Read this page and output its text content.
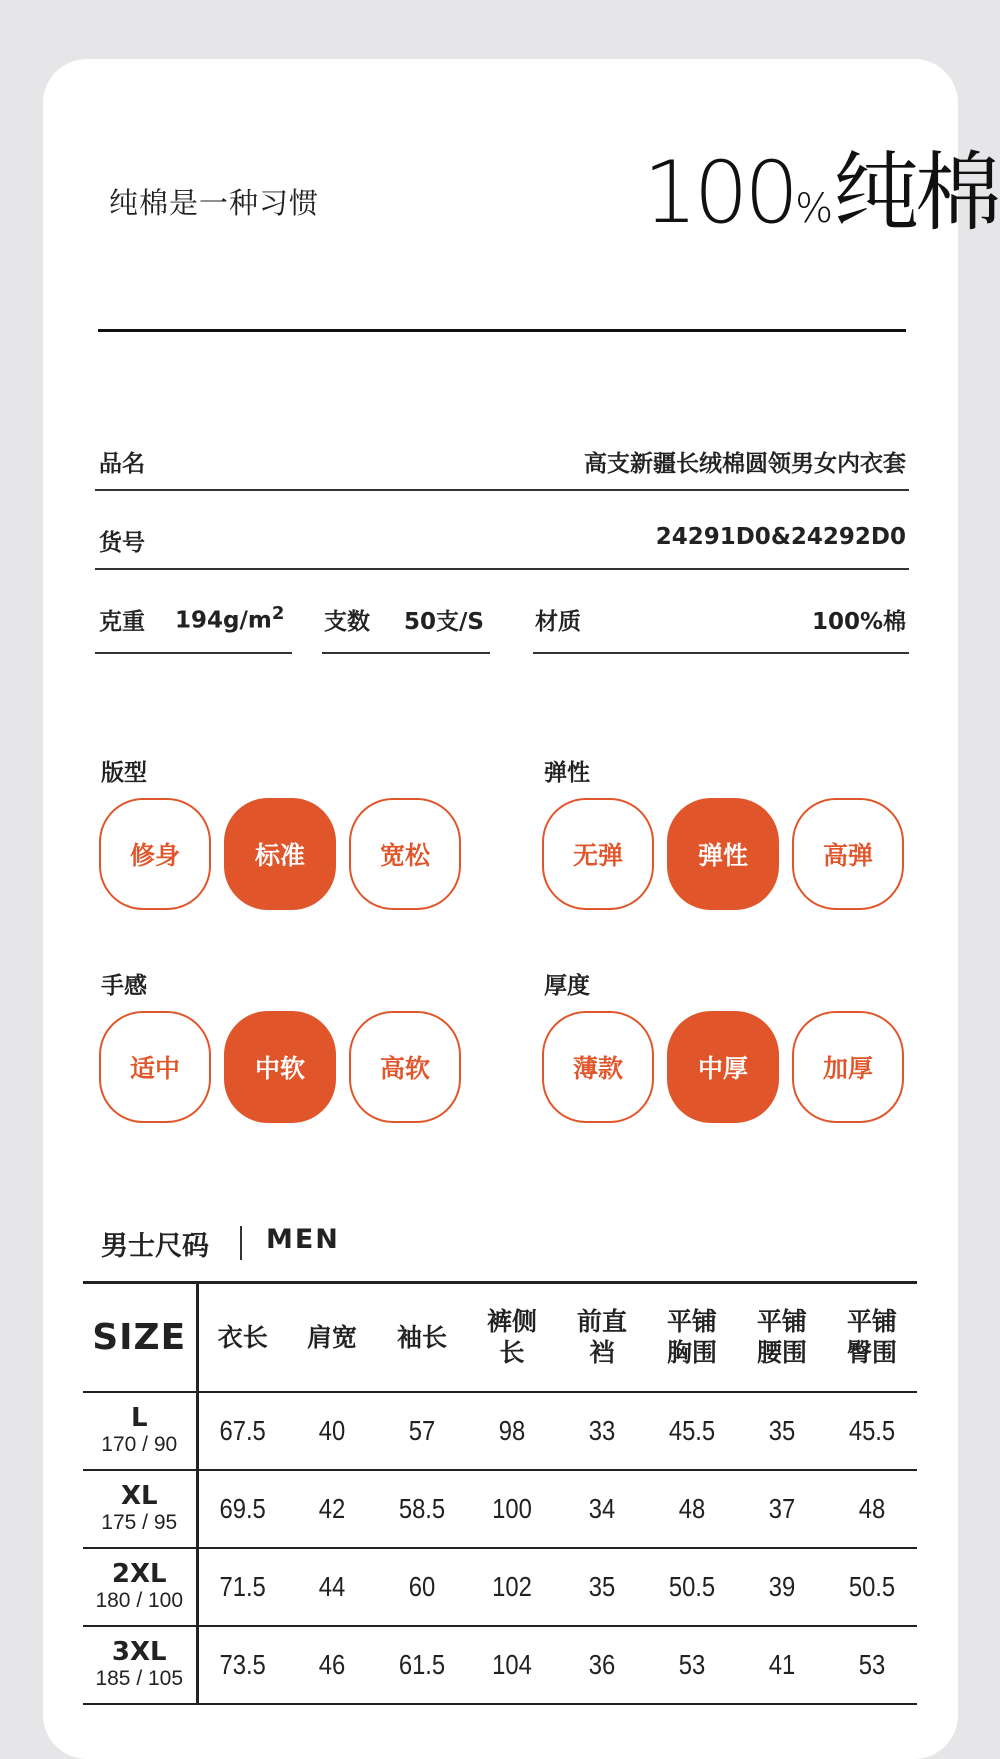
纯棉是一种习惯	100%纯棉
品名	高支新疆长绒棉圆领男女内衣套
货号	24291D0&24292D0
克重 $194g/m^2$ 支数 50支/S 材质	100%棉
版型
修身	标准	宽松
弹性
无弹	弹性	高弹
手感
适中	中软	高软
厚度
薄款	中厚	加厚
男士尺码 MEN
SIZE	衣长	肩宽	袖长	裤侧长	前直裆	平铺胸围	平铺腰围	平铺臀围

L
170 / 90	67.5	40	57	98	33	45.5	35	45.5

XL
175 / 95	69.5	42	58.5	100	34	48	37	48

2XL
180 / 100	71.5	44	60	102	35	50.5	39	50.5

3XL
185 / 105	73.5	46	61.5	104	36	53	41	53
